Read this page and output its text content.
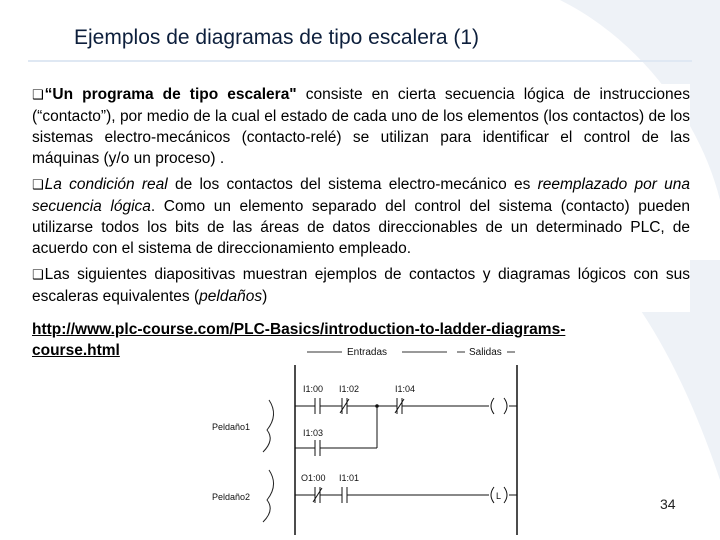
Ejemplos de diagramas de tipo escalera (1)

❑“Un programa de tipo escalera" consiste en cierta secuencia lógica de instrucciones (“contacto”), por medio de la cual el estado de cada uno de los elementos (los contactos) de los sistemas electro-mecánicos (contacto-relé) se utilizan para identificar el control de las máquinas (y/o un proceso) .

❑La condición real de los contactos del sistema electro-mecánico es reemplazado por una secuencia lógica. Como un elemento separado del control del sistema (contacto) pueden utilizarse todos los bits de las áreas de datos direccionables de un determinado PLC, de acuerdo con el sistema de direccionamiento empleado.

❑Las siguientes diapositivas muestran ejemplos de contactos y diagramas lógicos con sus escaleras equivalentes (peldaños)

http://www.plc-course.com/PLC-Basics/introduction-to-ladder-diagrams-course.html	Entradas	Salidas
Peldaño1
I1:00 I1:02	I1:04
I1:03
Peldaño2
O1:00 I1:01
L	34
